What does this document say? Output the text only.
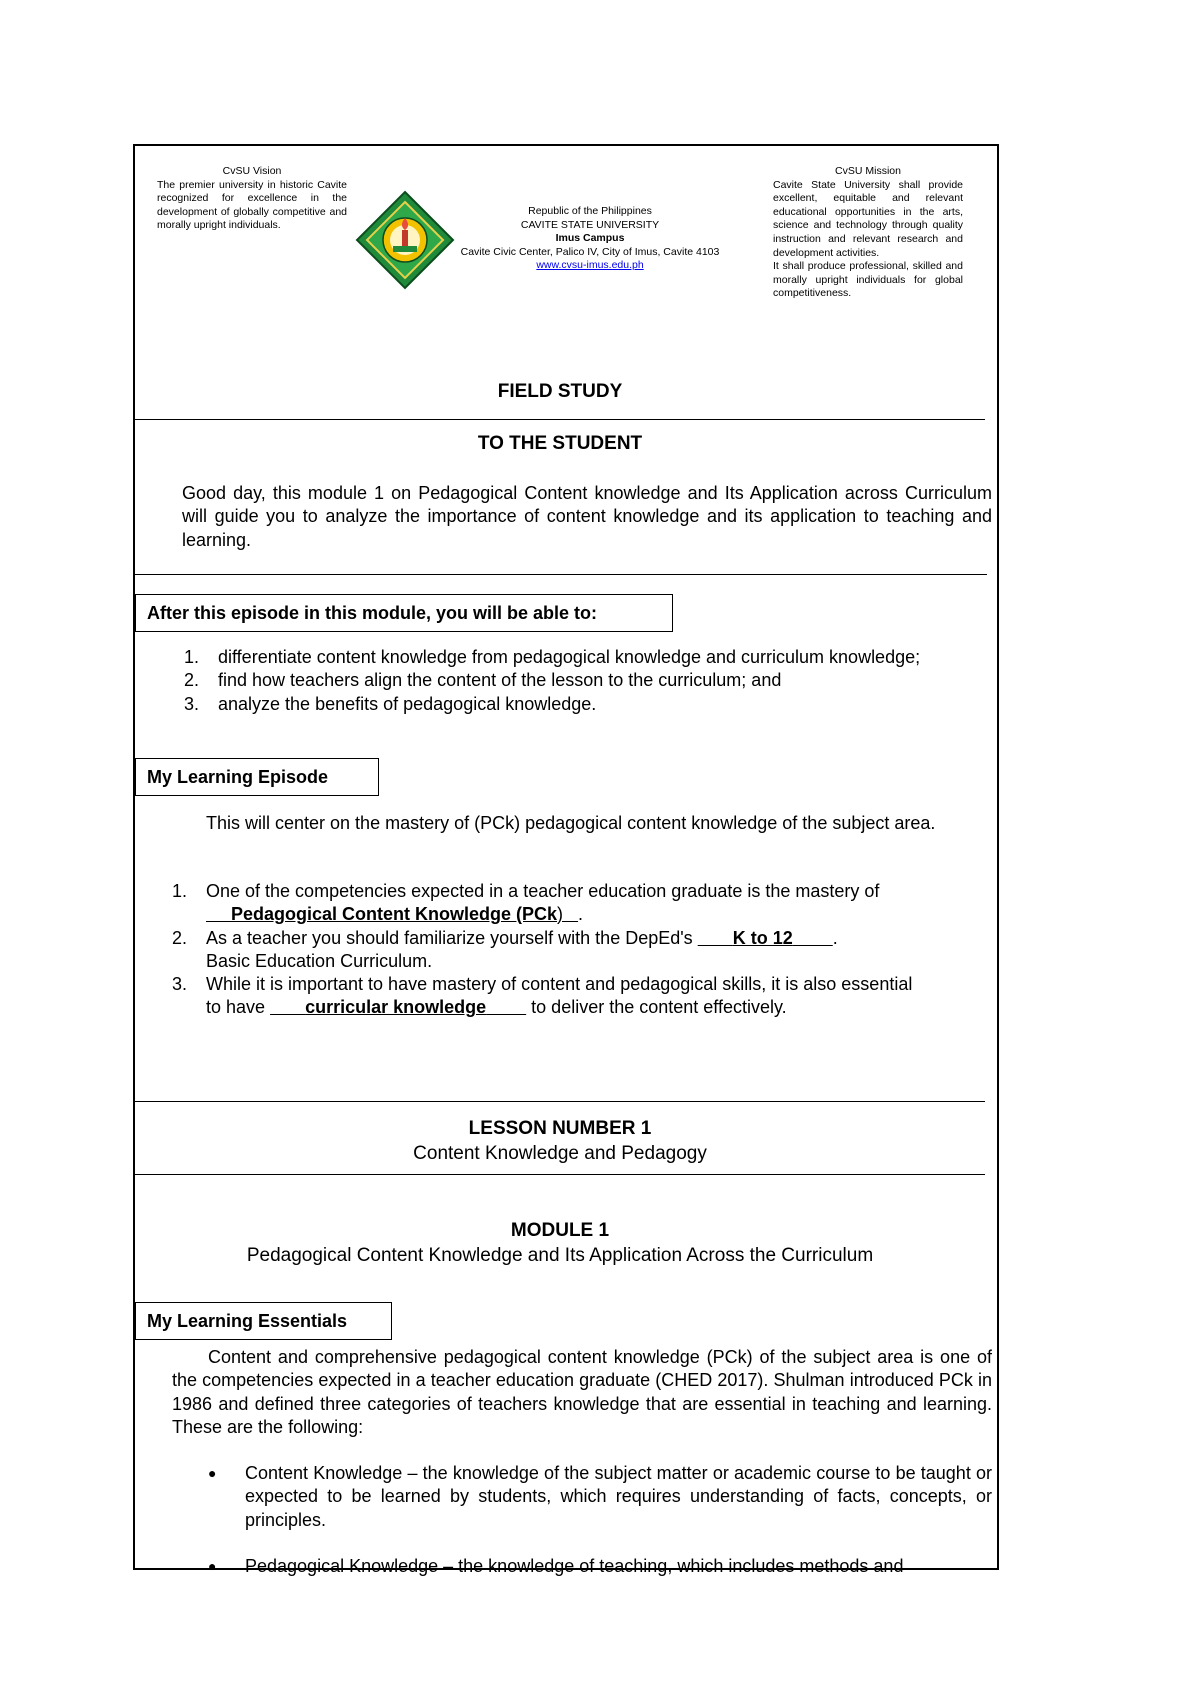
CvSU Vision
The premier university in historic Cavite recognized for excellence in the development of globally competitive and morally upright individuals.
Republic of the Philippines
CAVITE STATE UNIVERSITY
Imus Campus
Cavite Civic Center, Palico IV, City of Imus, Cavite 4103
www.cvsu-imus.edu.ph
CvSU Mission
Cavite State University shall provide excellent, equitable and relevant educational opportunities in the arts, science and technology through quality instruction and relevant research and development activities.
It shall produce professional, skilled and morally upright individuals for global competitiveness.
FIELD STUDY
TO THE STUDENT
Good day, this module 1 on Pedagogical Content knowledge and Its Application across Curriculum will guide you to analyze the importance of content knowledge and its application to teaching and learning.
After this episode in this module, you will be able to:
1. differentiate content knowledge from pedagogical knowledge and curriculum knowledge;
2. find how teachers align the content of the lesson to the curriculum; and
3. analyze the benefits of pedagogical knowledge.
My Learning Episode
This will center on the mastery of (PCk) pedagogical content knowledge of the subject area.
1. One of the competencies expected in a teacher education graduate is the mastery of
Pedagogical Content Knowledge (PCk)   .
2. As a teacher you should familiarize yourself with the DepEd's K to 12 .
Basic Education Curriculum.
3. While it is important to have mastery of content and pedagogical skills, it is also essential
to have curricular knowledge	to deliver the content effectively.
LESSON NUMBER 1
Content Knowledge and Pedagogy
MODULE 1
Pedagogical Content Knowledge and Its Application Across the Curriculum
My Learning Essentials
Content and comprehensive pedagogical content knowledge (PCk) of the subject area is one of the competencies expected in a teacher education graduate (CHED 2017). Shulman introduced PCk in 1986 and defined three categories of teachers knowledge that are essential in teaching and learning. These are the following:
● Content Knowledge – the knowledge of the subject matter or academic course to be taught or expected to be learned by students, which requires understanding of facts, concepts, or principles.
● Pedagogical Knowledge – the knowledge of teaching, which includes methods and
